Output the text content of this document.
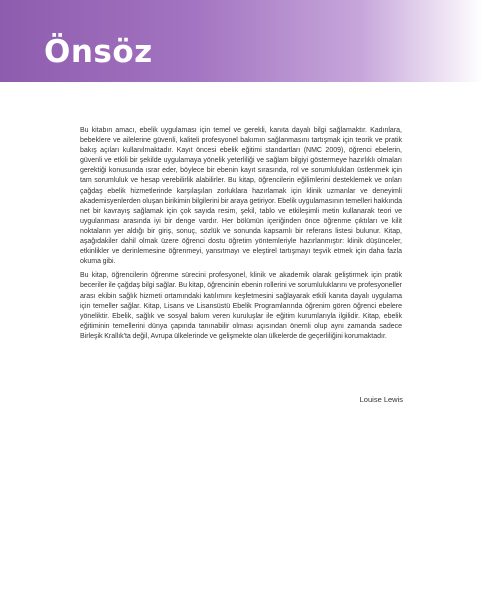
Önsöz

Bu kitabın amacı, ebelik uygulaması için temel ve gerekli, kanıta dayalı bilgi sağlamaktır. Kadınlara, bebeklere ve ailelerine güvenli, kaliteli profesyonel bakımın sağlanmasını tartışmak için teorik ve pratik bakış açıları kullanılmaktadır. Kayıt öncesi ebelik eğitimi standartları (NMC 2009), öğrenci ebelerin, güvenli ve etkili bir şekilde uygulamaya yönelik yeterliliği ve sağlam bilgiyi göstermeye hazırlıklı olmaları gerektiği konusunda ısrar eder, böylece bir ebenin kayıt sırasında, rol ve sorumlulukları üstlenmek için tam sorumluluk ve hesap verebilirlik alabilirler. Bu kitap, öğrencilerin eğilimlerini desteklemek ve onları çağdaş ebelik hizmetlerinde karşılaşılan zorluklara hazırlamak için klinik uzmanlar ve deneyimli akademisyenlerden oluşan birikimin bilgilerini bir araya getiriyor. Ebelik uygulamasının temelleri hakkında net bir kavrayış sağlamak için çok sayıda resim, şekil, tablo ve etkileşimli metin kullanarak teori ve uygulanması arasında iyi bir denge vardır. Her bölümün içeriğinden önce öğrenme çıktıları ve kilit noktaların yer aldığı bir giriş, sonuç, sözlük ve sonunda kapsamlı bir referans listesi bulunur. Kitap, aşağıdakiler dahil olmak üzere öğrenci dostu öğretim yöntemleriyle hazırlanmıştır: klinik düşünceler, etkinlikler ve derinlemesine öğrenmeyi, yansıtmayı ve eleştirel tartışmayı teşvik etmek için daha fazla okuma gibi.

Bu kitap, öğrencilerin öğrenme sürecini profesyonel, klinik ve akademik olarak geliştirmek için pratik beceriler ile çağdaş bilgi sağlar. Bu kitap, öğrencinin ebenin rollerini ve sorumluluklarını ve profesyoneller arası ekibin sağlık hizmeti ortamındaki katılımını keşfetmesini sağlayarak etkili kanıta dayalı uygulama için temeller sağlar. Kitap, Lisans ve Lisansüstü Ebelik Programlarında öğrenim gören öğrenci ebelere yöneliktir. Ebelik, sağlık ve sosyal bakım veren kuruluşlar ile eğitim kurumlarıyla ilgilidir. Kitap, ebelik eğitiminin temellerini dünya çapında tanınabilir olması açısından önemli olup aynı zamanda sadece Birleşik Krallık'ta değil, Avrupa ülkelerinde ve gelişmekte olan ülkelerde de geçerliliğini korumaktadır.

Louise Lewis
